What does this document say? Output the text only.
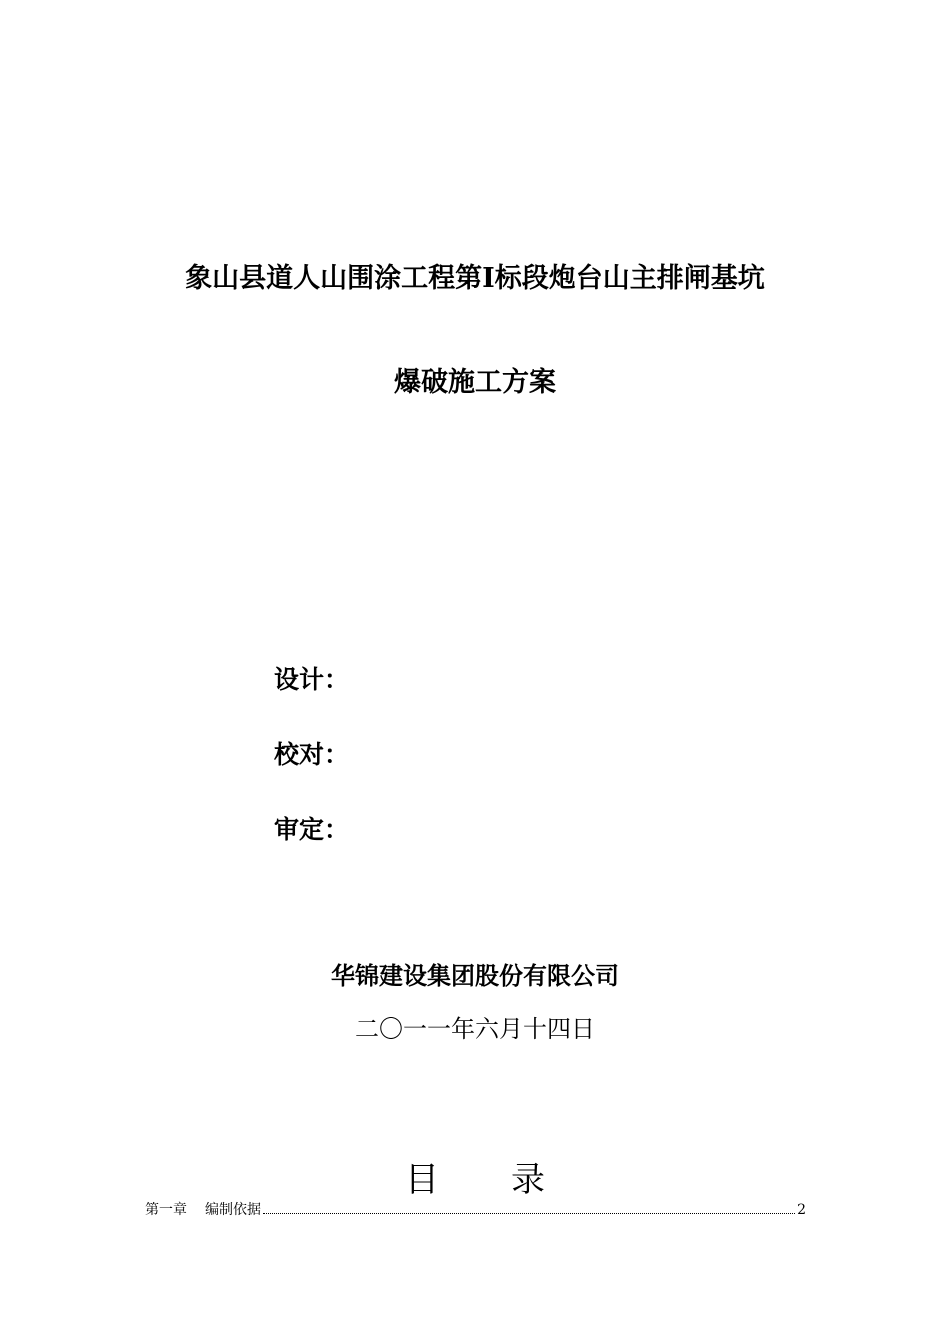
象山县道人山围涂工程第Ⅰ标段炮台山主排闸基坑
爆破施工方案
设计：
校对：
审定：
华锦建设集团股份有限公司
二〇一一年六月十四日
目 录
第一章 编制依据	2
